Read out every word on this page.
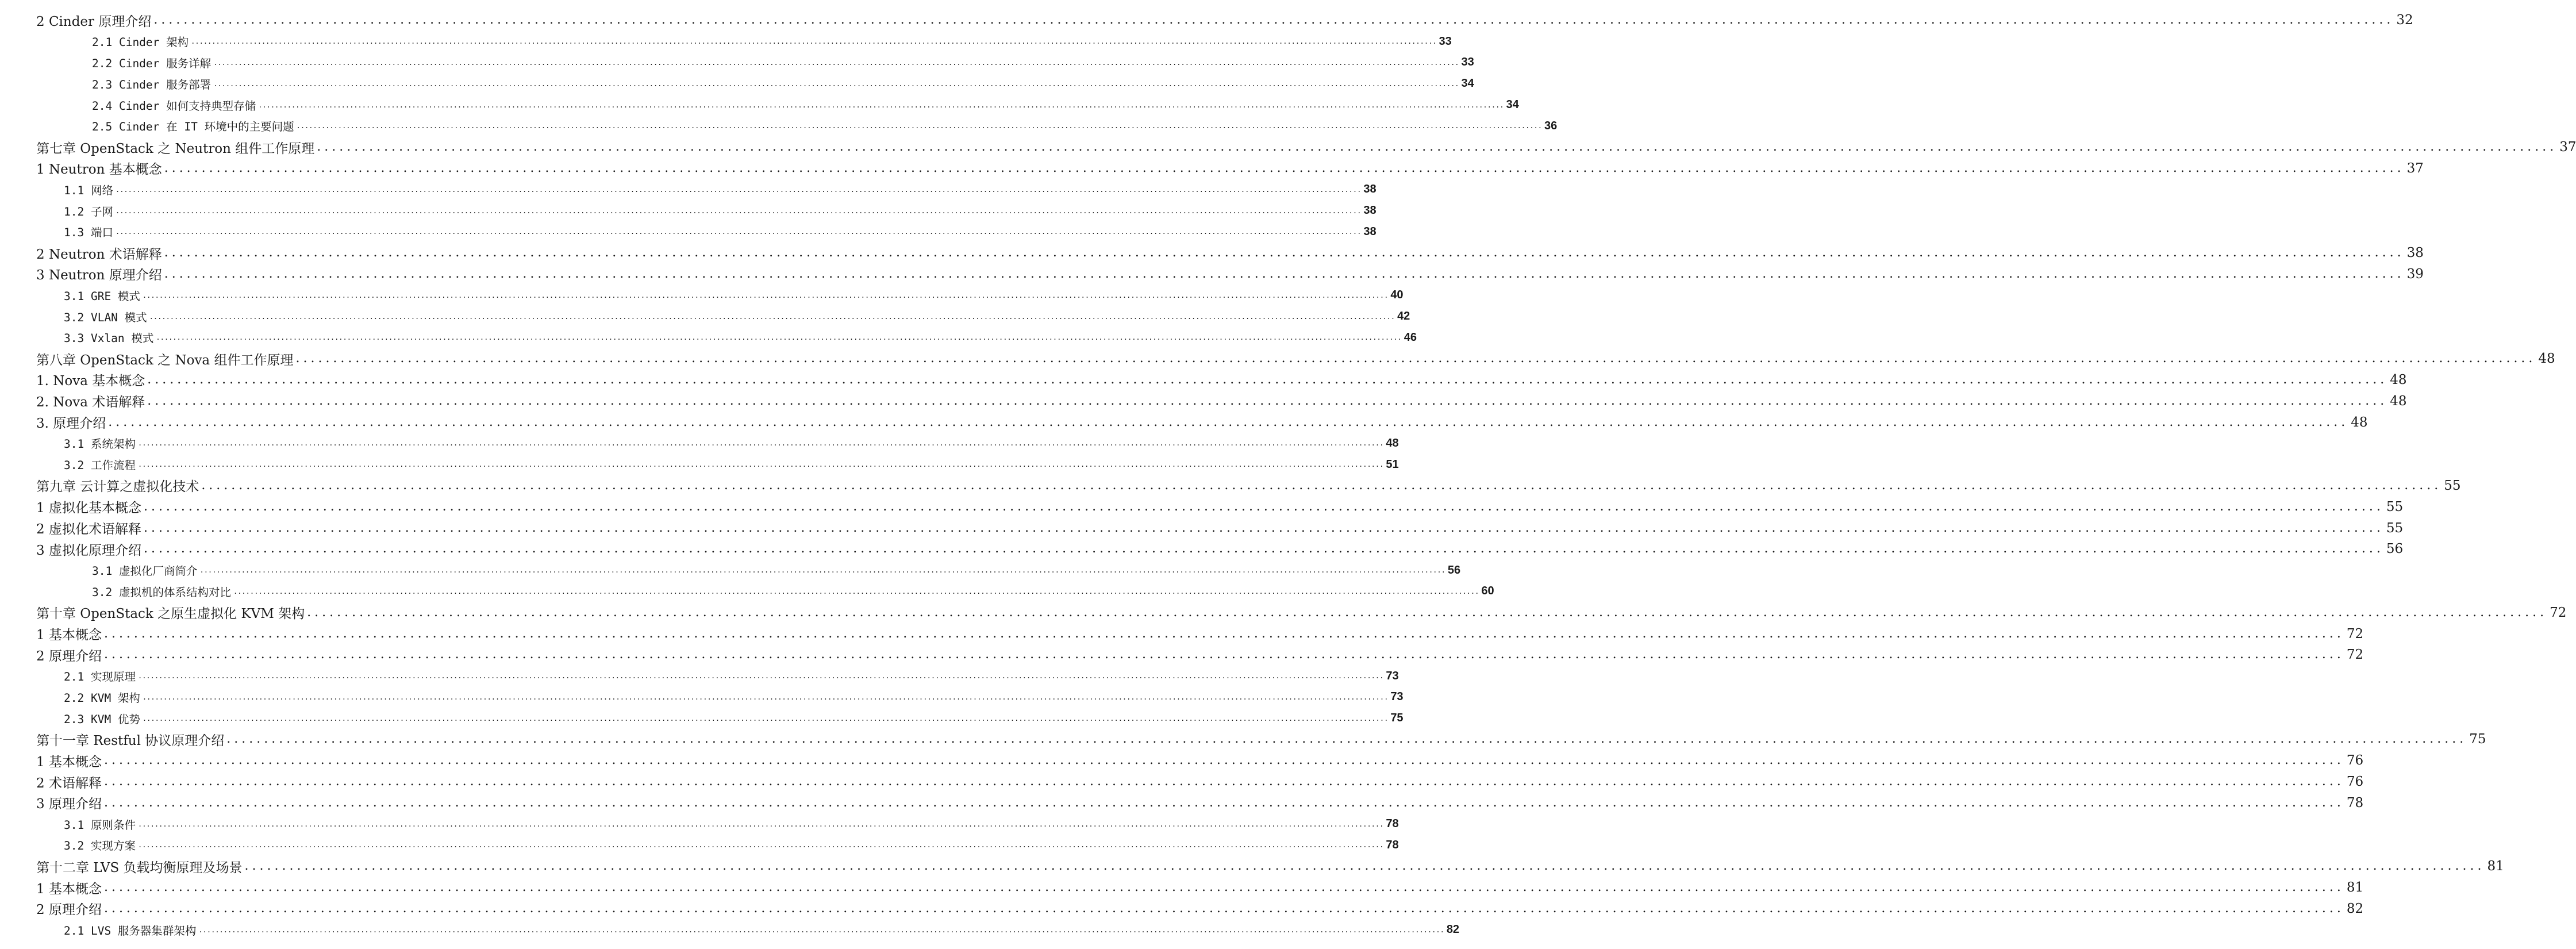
2 Cinder 原理介绍 ............................................................................................................................................................................................................................................................................................................ 32
2.1 Cinder 架构 ............................................................................................................................................................................................................................................................................................................ 33
2.2 Cinder 服务详解 ............................................................................................................................................................................................................................................................................................................ 33
2.3 Cinder 服务部署 ............................................................................................................................................................................................................................................................................................................ 34
2.4 Cinder 如何支持典型存储 ............................................................................................................................................................................................................................................................................................................ 34
2.5 Cinder 在 IT 环境中的主要问题 ............................................................................................................................................................................................................................................................................................................ 36
第七章 OpenStack 之 Neutron 组件工作原理 ............................................................................................................................................................................................................................................................................................................ 37
1 Neutron 基本概念 ............................................................................................................................................................................................................................................................................................................ 37
1.1 网络 ............................................................................................................................................................................................................................................................................................................ 38
1.2 子网 ............................................................................................................................................................................................................................................................................................................ 38
1.3 端口 ............................................................................................................................................................................................................................................................................................................ 38
2 Neutron 术语解释 ............................................................................................................................................................................................................................................................................................................ 38
3 Neutron 原理介绍 ............................................................................................................................................................................................................................................................................................................ 39
3.1 GRE 模式 ............................................................................................................................................................................................................................................................................................................ 40
3.2 VLAN 模式 ............................................................................................................................................................................................................................................................................................................ 42
3.3 Vxlan 模式 ............................................................................................................................................................................................................................................................................................................ 46
第八章 OpenStack 之 Nova 组件工作原理 ............................................................................................................................................................................................................................................................................................................ 48
1. Nova 基本概念 ............................................................................................................................................................................................................................................................................................................ 48
2. Nova 术语解释 ............................................................................................................................................................................................................................................................................................................ 48
3. 原理介绍 ............................................................................................................................................................................................................................................................................................................ 48
3.1 系统架构 ............................................................................................................................................................................................................................................................................................................ 48
3.2 工作流程 ............................................................................................................................................................................................................................................................................................................ 51
第九章 云计算之虚拟化技术 ............................................................................................................................................................................................................................................................................................................ 55
1 虚拟化基本概念 ............................................................................................................................................................................................................................................................................................................ 55
2 虚拟化术语解释 ............................................................................................................................................................................................................................................................................................................ 55
3 虚拟化原理介绍 ............................................................................................................................................................................................................................................................................................................ 56
3.1 虚拟化厂商简介 ............................................................................................................................................................................................................................................................................................................ 56
3.2 虚拟机的体系结构对比 ............................................................................................................................................................................................................................................................................................................ 60
第十章 OpenStack 之原生虚拟化 KVM 架构 ............................................................................................................................................................................................................................................................................................................ 72
1 基本概念 ............................................................................................................................................................................................................................................................................................................ 72
2 原理介绍 ............................................................................................................................................................................................................................................................................................................ 72
2.1 实现原理 ............................................................................................................................................................................................................................................................................................................ 73
2.2 KVM 架构 ............................................................................................................................................................................................................................................................................................................ 73
2.3 KVM 优势 ............................................................................................................................................................................................................................................................................................................ 75
第十一章 Restful 协议原理介绍 ............................................................................................................................................................................................................................................................................................................ 75
1 基本概念 ............................................................................................................................................................................................................................................................................................................ 76
2 术语解释 ............................................................................................................................................................................................................................................................................................................ 76
3 原理介绍 ............................................................................................................................................................................................................................................................................................................ 78
3.1 原则条件 ............................................................................................................................................................................................................................................................................................................ 78
3.2 实现方案 ............................................................................................................................................................................................................................................................................................................ 78
第十二章 LVS 负载均衡原理及场景 ............................................................................................................................................................................................................................................................................................................ 81
1 基本概念 ............................................................................................................................................................................................................................................................................................................ 81
2 原理介绍 ............................................................................................................................................................................................................................................................................................................ 82
2.1 LVS 服务器集群架构 ............................................................................................................................................................................................................................................................................................................ 82
